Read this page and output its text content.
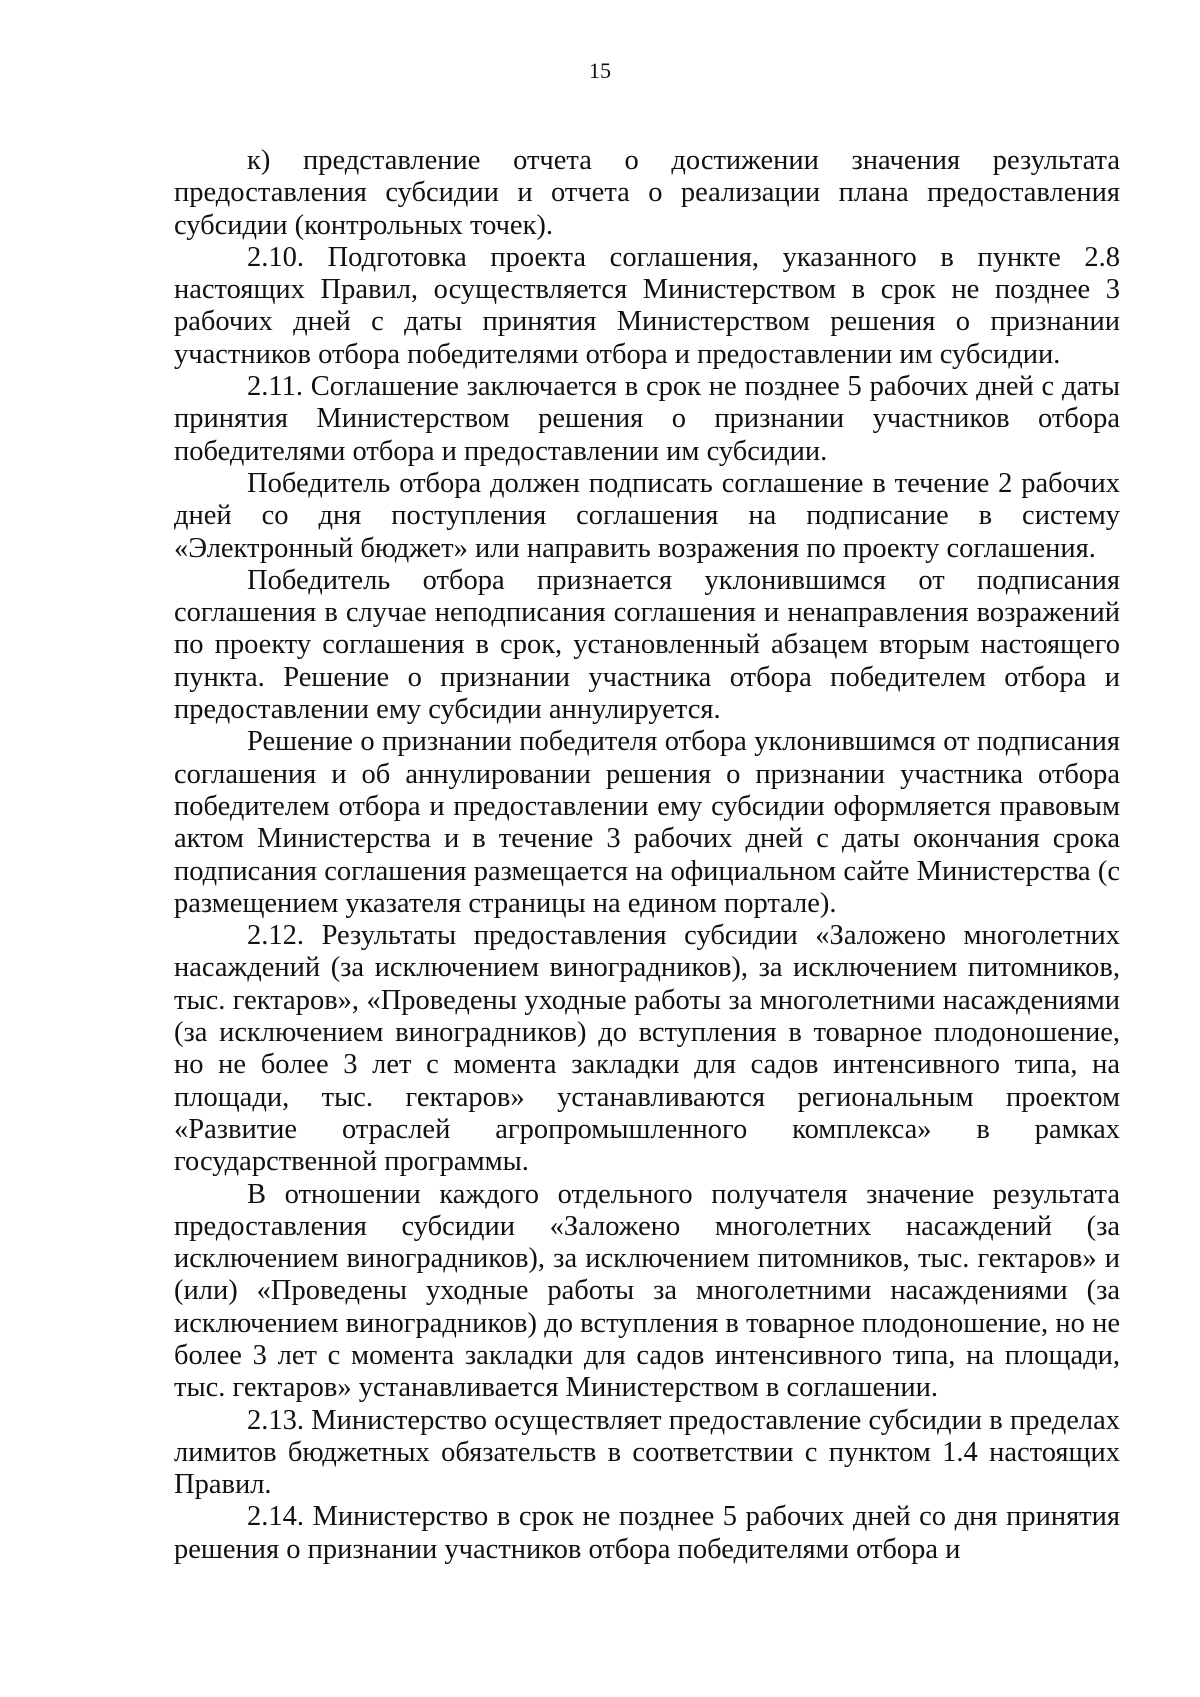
15

к) представление отчета о достижении значения результата предоставления субсидии и отчета о реализации плана предоставления субсидии (контрольных точек).

2.10. Подготовка проекта соглашения, указанного в пункте 2.8 настоящих Правил, осуществляется Министерством в срок не позднее 3 рабочих дней с даты принятия Министерством решения о признании участников отбора победителями отбора и предоставлении им субсидии.

2.11. Соглашение заключается в срок не позднее 5 рабочих дней с даты принятия Министерством решения о признании участников отбора победителями отбора и предоставлении им субсидии.

Победитель отбора должен подписать соглашение в течение 2 рабочих дней со дня поступления соглашения на подписание в систему «Электронный бюджет» или направить возражения по проекту соглашения.

Победитель отбора признается уклонившимся от подписания соглашения в случае неподписания соглашения и ненаправления возражений по проекту соглашения в срок, установленный абзацем вторым настоящего пункта. Решение о признании участника отбора победителем отбора и предоставлении ему субсидии аннулируется.

Решение о признании победителя отбора уклонившимся от подписания соглашения и об аннулировании решения о признании участника отбора победителем отбора и предоставлении ему субсидии оформляется правовым актом Министерства и в течение 3 рабочих дней с даты окончания срока подписания соглашения размещается на официальном сайте Министерства (с размещением указателя страницы на едином портале).

2.12. Результаты предоставления субсидии «Заложено многолетних насаждений (за исключением виноградников), за исключением питомников, тыс. гектаров», «Проведены уходные работы за многолетними насаждениями (за исключением виноградников) до вступления в товарное плодоношение, но не более 3 лет с момента закладки для садов интенсивного типа, на площади, тыс. гектаров» устанавливаются региональным проектом «Развитие отраслей агропромышленного комплекса» в рамках государственной программы.

В отношении каждого отдельного получателя значение результата предоставления субсидии «Заложено многолетних насаждений (за исключением виноградников), за исключением питомников, тыс. гектаров» и (или) «Проведены уходные работы за многолетними насаждениями (за исключением виноградников) до вступления в товарное плодоношение, но не более 3 лет с момента закладки для садов интенсивного типа, на площади, тыс. гектаров» устанавливается Министерством в соглашении.

2.13. Министерство осуществляет предоставление субсидии в пределах лимитов бюджетных обязательств в соответствии с пунктом 1.4 настоящих Правил.

2.14. Министерство в срок не позднее 5 рабочих дней со дня принятия решения о признании участников отбора победителями отбора и
